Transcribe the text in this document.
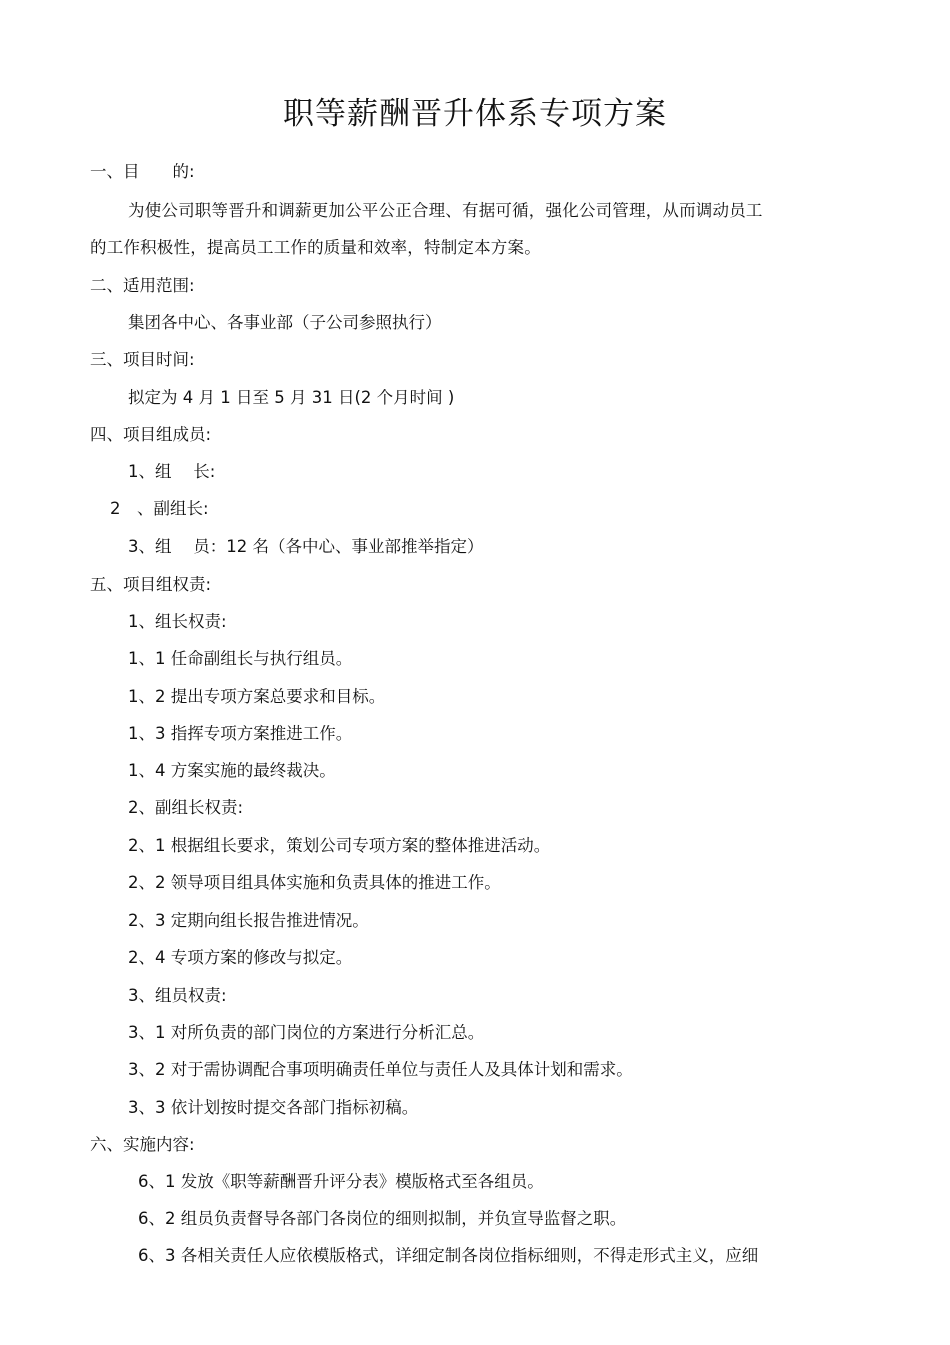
职等薪酬晋升体系专项方案
一、目　　的:
为使公司职等晋升和调薪更加公平公正合理、有据可循，强化公司管理，从而调动员工
的工作积极性，提高员工工作的质量和效率，特制定本方案。
二、适用范围:
集团各中心、各事业部（子公司参照执行）
三、项目时间:
拟定为 4 月 1 日至 5 月 31 日(2 个月时间 )
四、项目组成员:
1、组　 长:
2　、副组长:
3、组　 员：12 名（各中心、事业部推举指定）
五、项目组权责:
1、组长权责:
1、1 任命副组长与执行组员。
1、2 提出专项方案总要求和目标。
1、3 指挥专项方案推进工作。
1、4 方案实施的最终裁决。
2、副组长权责:
2、1 根据组长要求，策划公司专项方案的整体推进活动。
2、2 领导项目组具体实施和负责具体的推进工作。
2、3 定期向组长报告推进情况。
2、4 专项方案的修改与拟定。
3、组员权责:
3、1 对所负责的部门岗位的方案进行分析汇总。
3、2 对于需协调配合事项明确责任单位与责任人及具体计划和需求。
3、3 依计划按时提交各部门指标初稿。
六、实施内容:
6、1 发放《职等薪酬晋升评分表》模版格式至各组员。
6、2 组员负责督导各部门各岗位的细则拟制，并负宣导监督之职。
6、3 各相关责任人应依模版格式，详细定制各岗位指标细则，不得走形式主义，应细
